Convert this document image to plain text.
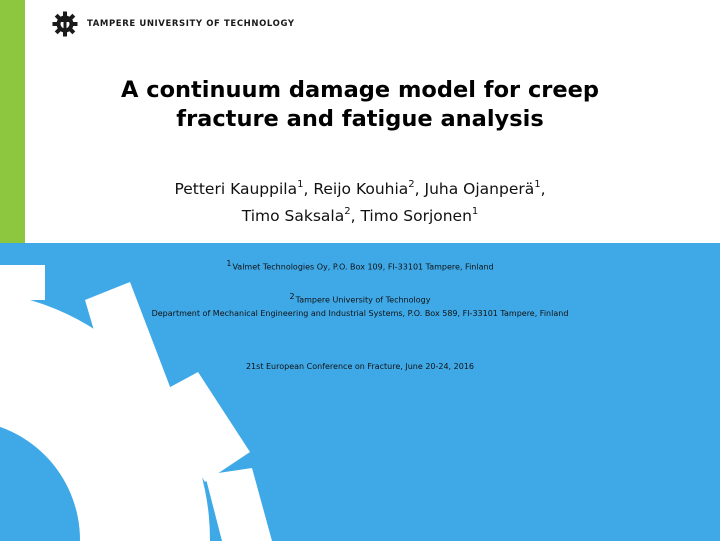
TAMPERE UNIVERSITY OF TECHNOLOGY
A continuum damage model for creep
fracture and fatigue analysis
Petteri Kauppila$^1$, Reijo Kouhia$^2$, Juha Ojanperä$^1$,
Timo Saksala$^2$, Timo Sorjonen$^1$
$^1$Valmet Technologies Oy, P.O. Box 109, FI-33101 Tampere, Finland
$^2$Tampere University of Technology
Department of Mechanical Engineering and Industrial Systems, P.O. Box 589, FI-33101 Tampere, Finland
21st European Conference on Fracture, June 20-24, 2016
